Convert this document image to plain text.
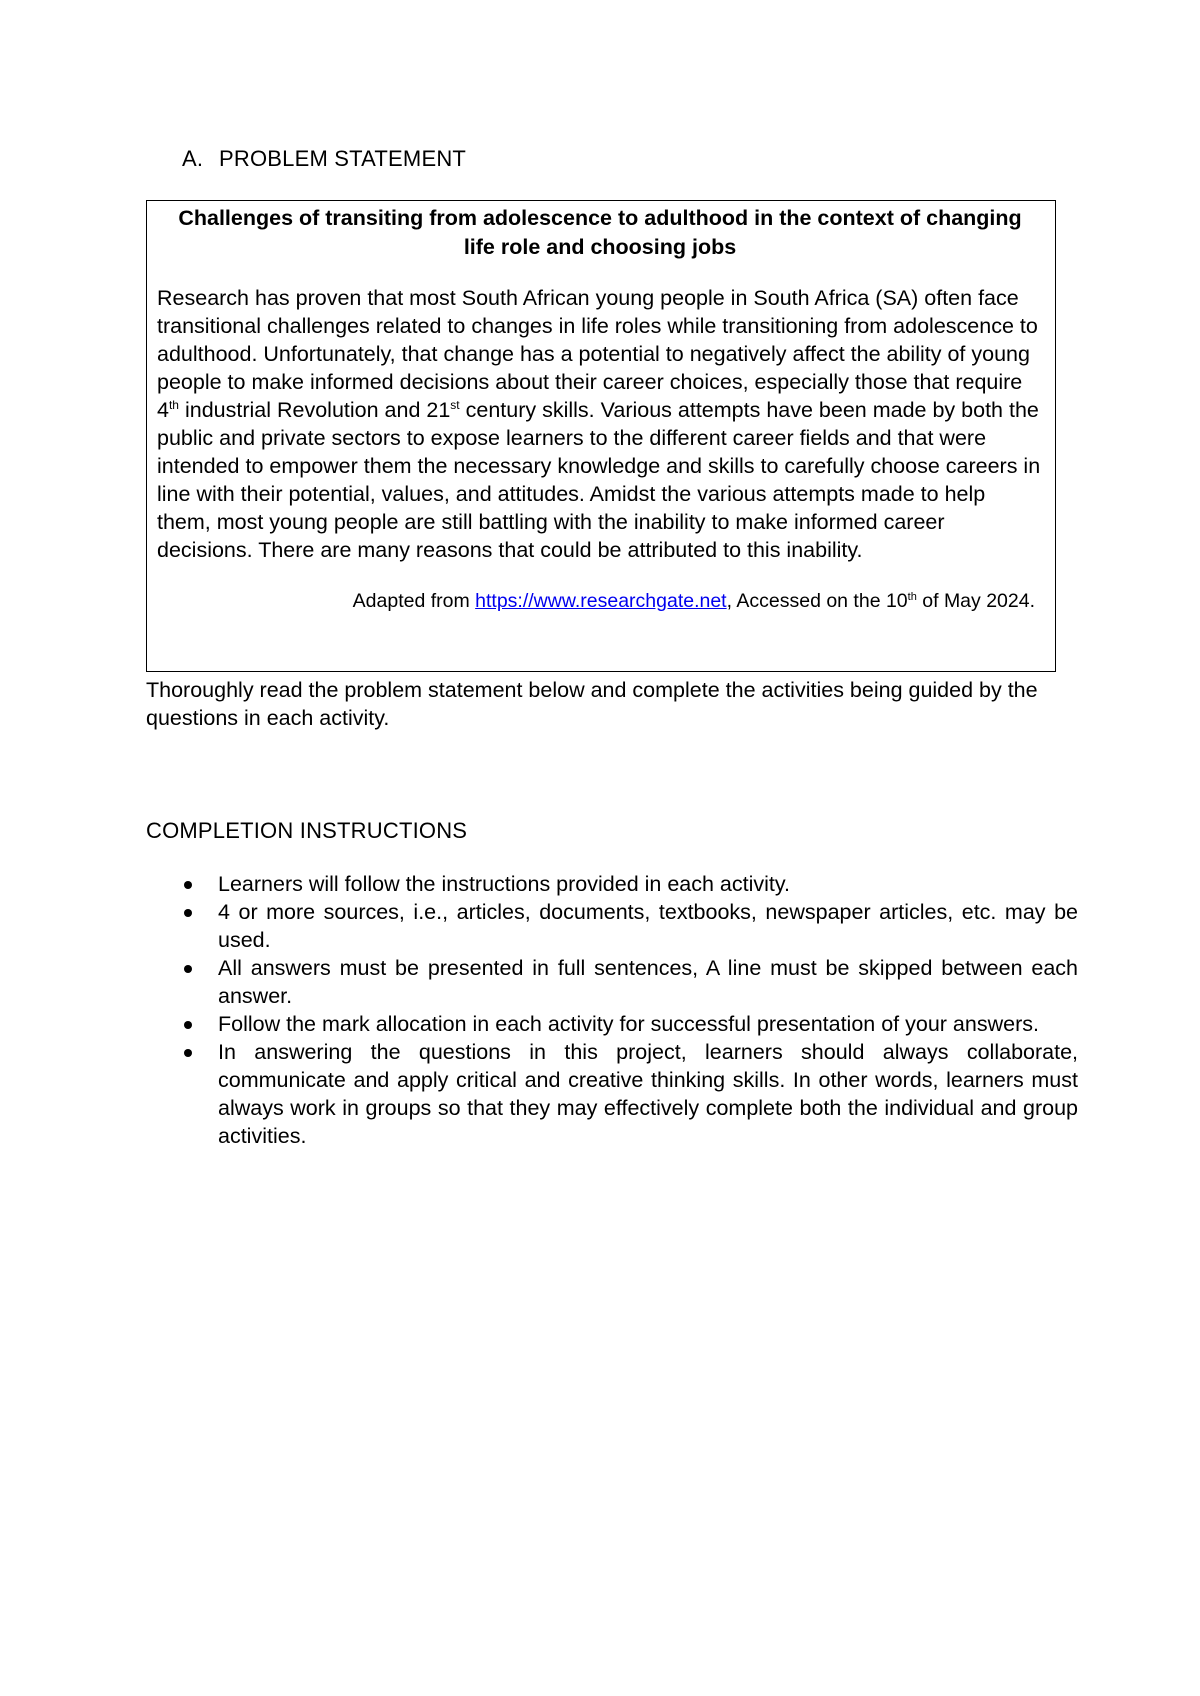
A. PROBLEM STATEMENT
Challenges of transiting from adolescence to adulthood in the context of changing life role and choosing jobs
Research has proven that most South African young people in South Africa (SA) often face transitional challenges related to changes in life roles while transitioning from adolescence to adulthood. Unfortunately, that change has a potential to negatively affect the ability of young people to make informed decisions about their career choices, especially those that require 4th industrial Revolution and 21st century skills. Various attempts have been made by both the public and private sectors to expose learners to the different career fields and that were intended to empower them the necessary knowledge and skills to carefully choose careers in line with their potential, values, and attitudes. Amidst the various attempts made to help them, most young people are still battling with the inability to make informed career decisions. There are many reasons that could be attributed to this inability.
Adapted from https://www.researchgate.net, Accessed on the 10th of May 2024.
Thoroughly read the problem statement below and complete the activities being guided by the questions in each activity.
COMPLETION INSTRUCTIONS
Learners will follow the instructions provided in each activity.
4 or more sources, i.e., articles, documents, textbooks, newspaper articles, etc. may be used.
All answers must be presented in full sentences, A line must be skipped between each answer.
Follow the mark allocation in each activity for successful presentation of your answers.
In answering the questions in this project, learners should always collaborate, communicate and apply critical and creative thinking skills. In other words, learners must always work in groups so that they may effectively complete both the individual and group activities.
